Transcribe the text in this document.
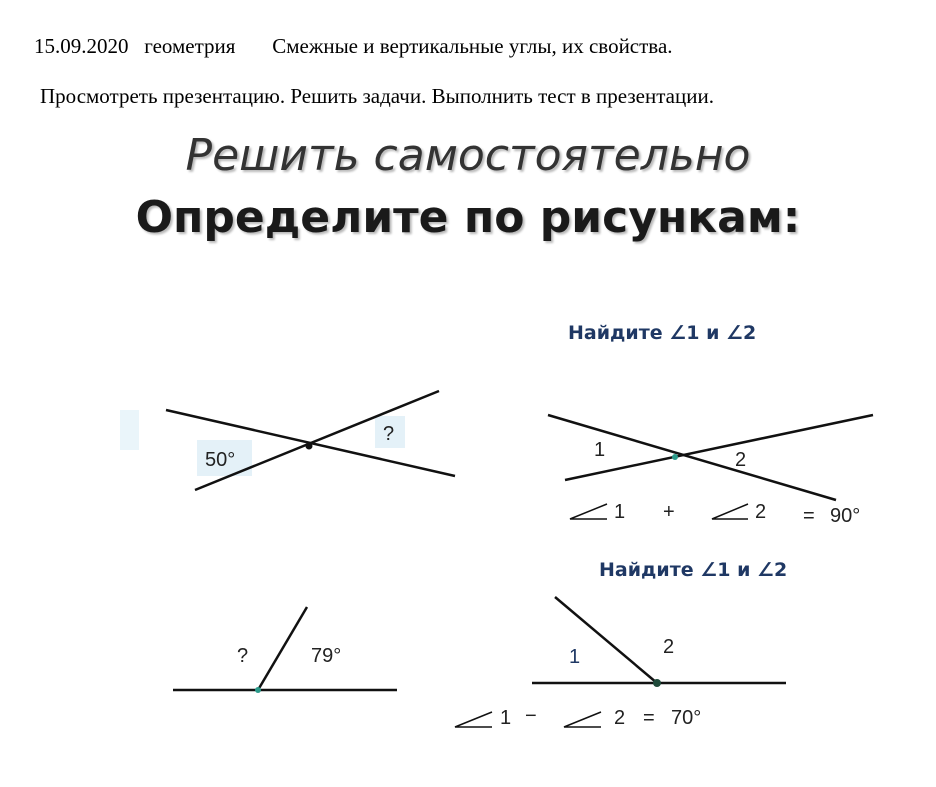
15.09.2020 геометрия Смежные и вертикальные углы, их свойства.
Просмотреть презентацию. Решить задачи. Выполнить тест в презентации.
Решить самостоятельно
Определите по рисункам:
50°
?
Найдите ∠1 и ∠2
1	2
1 +	2 = 90°
?	79°
Найдите ∠1 и ∠2
1	2
1 −	2 = 70°
